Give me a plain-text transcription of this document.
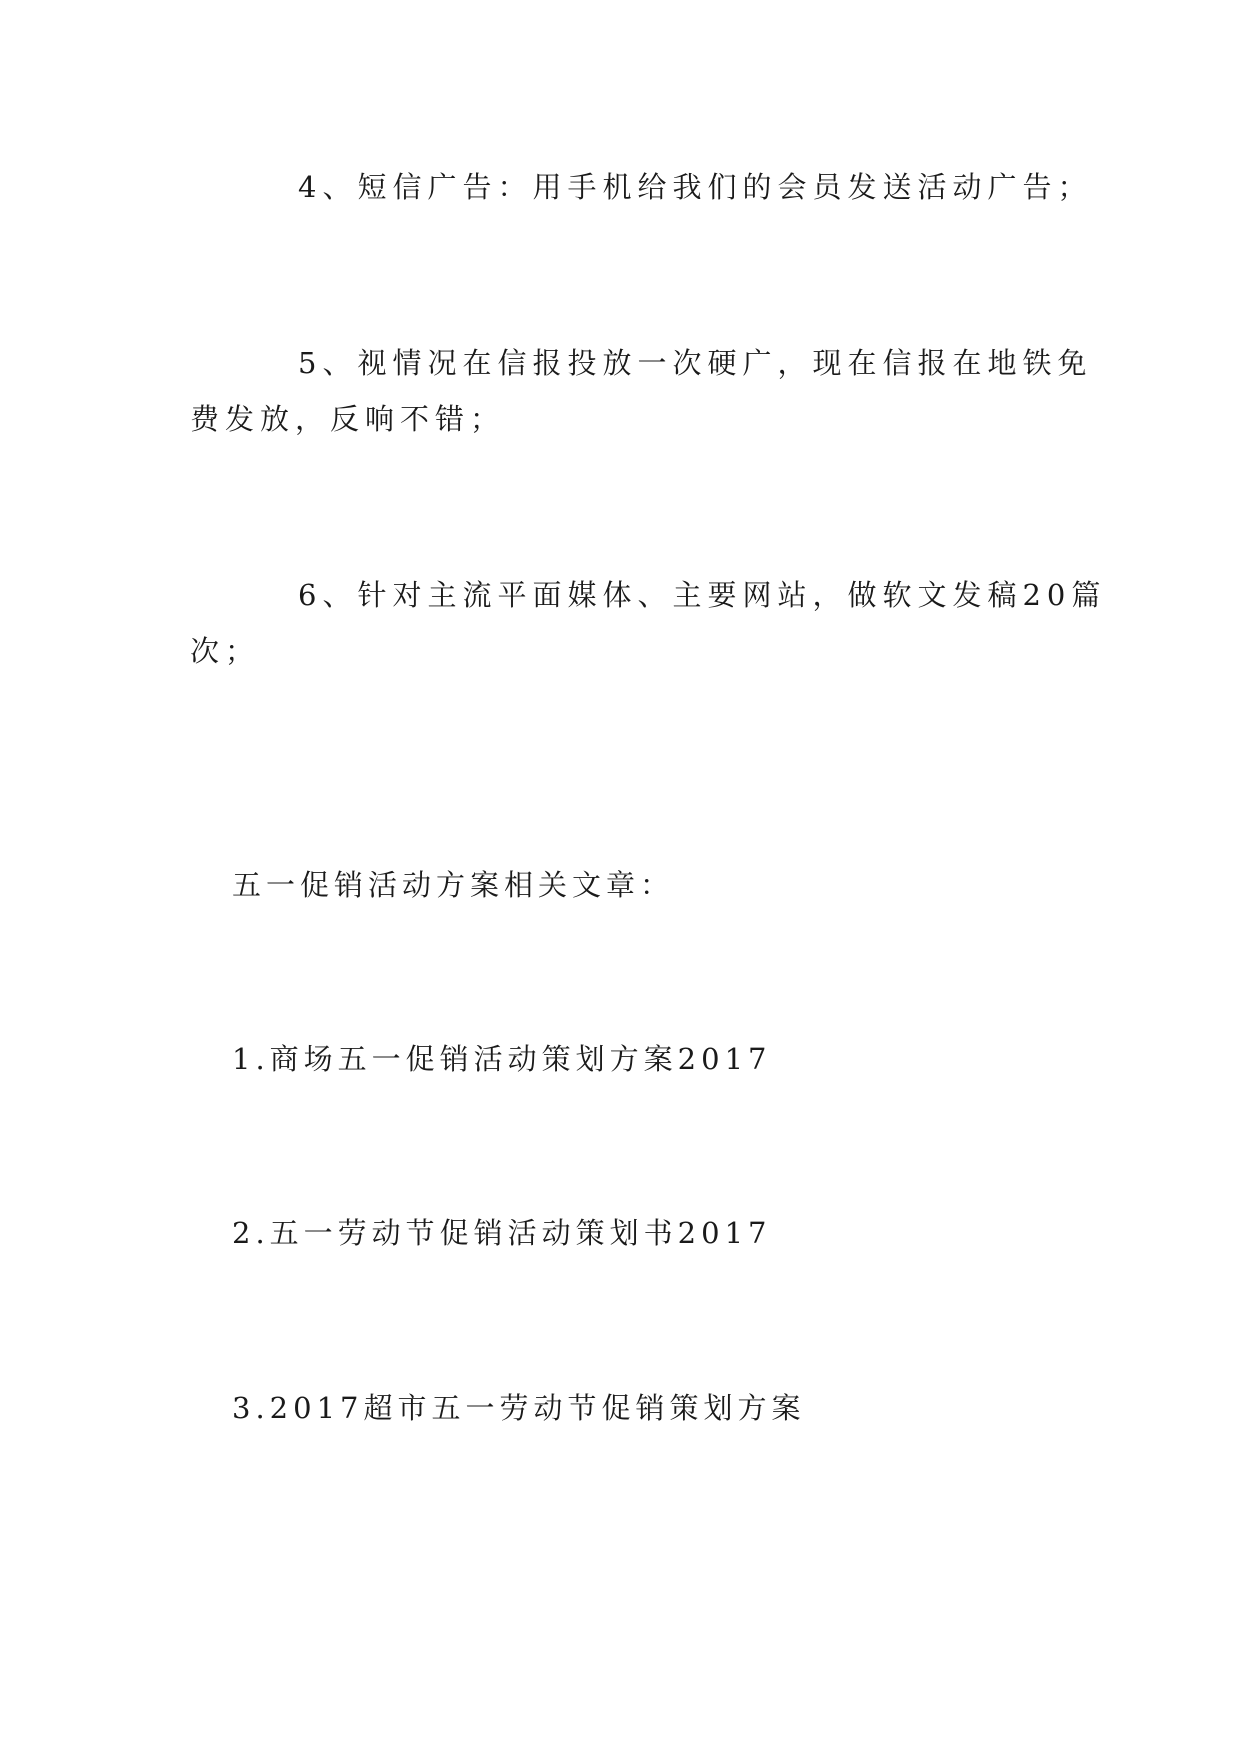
4、短信广告：用手机给我们的会员发送活动广告；

5、视情况在信报投放一次硬广，现在信报在地铁免

费发放，反响不错；

6、针对主流平面媒体、主要网站，做软文发稿20篇

次；

五一促销活动方案相关文章：

1.商场五一促销活动策划方案2017

2.五一劳动节促销活动策划书2017

3.2017超市五一劳动节促销策划方案
